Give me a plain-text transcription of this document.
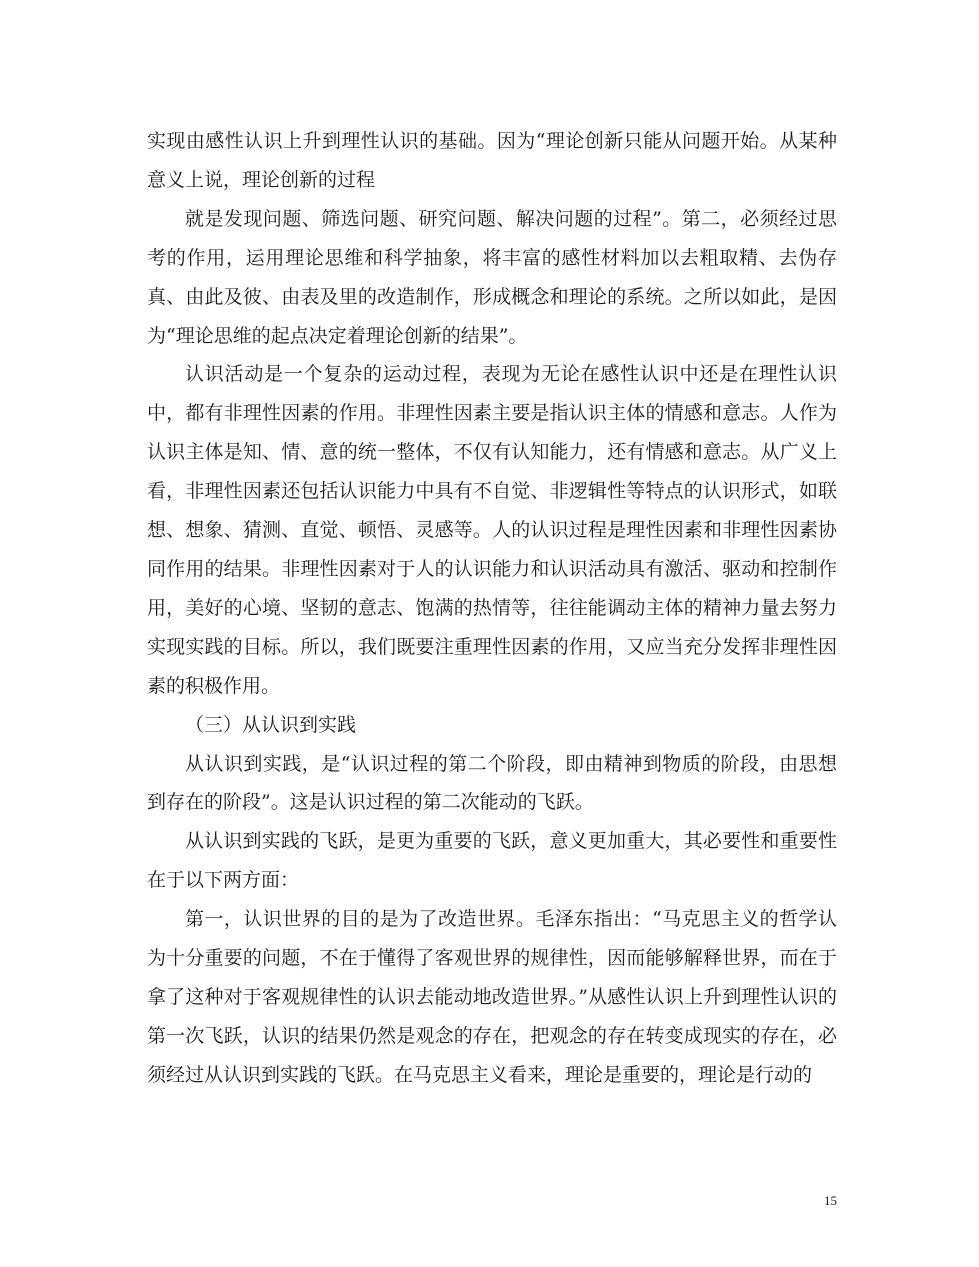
实现由感性认识上升到理性认识的基础。因为“理论创新只能从问题开始。从某种意义上说，理论创新的过程

就是发现问题、筛选问题、研究问题、解决问题的过程”。第二，必须经过思考的作用，运用理论思维和科学抽象，将丰富的感性材料加以去粗取精、去伪存真、由此及彼、由表及里的改造制作，形成概念和理论的系统。之所以如此，是因为“理论思维的起点决定着理论创新的结果”。

认识活动是一个复杂的运动过程，表现为无论在感性认识中还是在理性认识中，都有非理性因素的作用。非理性因素主要是指认识主体的情感和意志。人作为认识主体是知、情、意的统一整体，不仅有认知能力，还有情感和意志。从广义上看，非理性因素还包括认识能力中具有不自觉、非逻辑性等特点的认识形式，如联想、想象、猜测、直觉、顿悟、灵感等。人的认识过程是理性因素和非理性因素协同作用的结果。非理性因素对于人的认识能力和认识活动具有激活、驱动和控制作用，美好的心境、坚韧的意志、饱满的热情等，往往能调动主体的精神力量去努力实现实践的目标。所以，我们既要注重理性因素的作用，又应当充分发挥非理性因素的积极作用。

（三）从认识到实践

从认识到实践，是“认识过程的第二个阶段，即由精神到物质的阶段，由思想到存在的阶段”。这是认识过程的第二次能动的飞跃。

从认识到实践的飞跃，是更为重要的飞跃，意义更加重大，其必要性和重要性在于以下两方面：

第一，认识世界的目的是为了改造世界。毛泽东指出：“马克思主义的哲学认为十分重要的问题，不在于懂得了客观世界的规律性，因而能够解释世界，而在于拿了这种对于客观规律性的认识去能动地改造世界。”从感性认识上升到理性认识的第一次飞跃，认识的结果仍然是观念的存在，把观念的存在转变成现实的存在，必须经过从认识到实践的飞跃。在马克思主义看来，理论是重要的，理论是行动的

15
